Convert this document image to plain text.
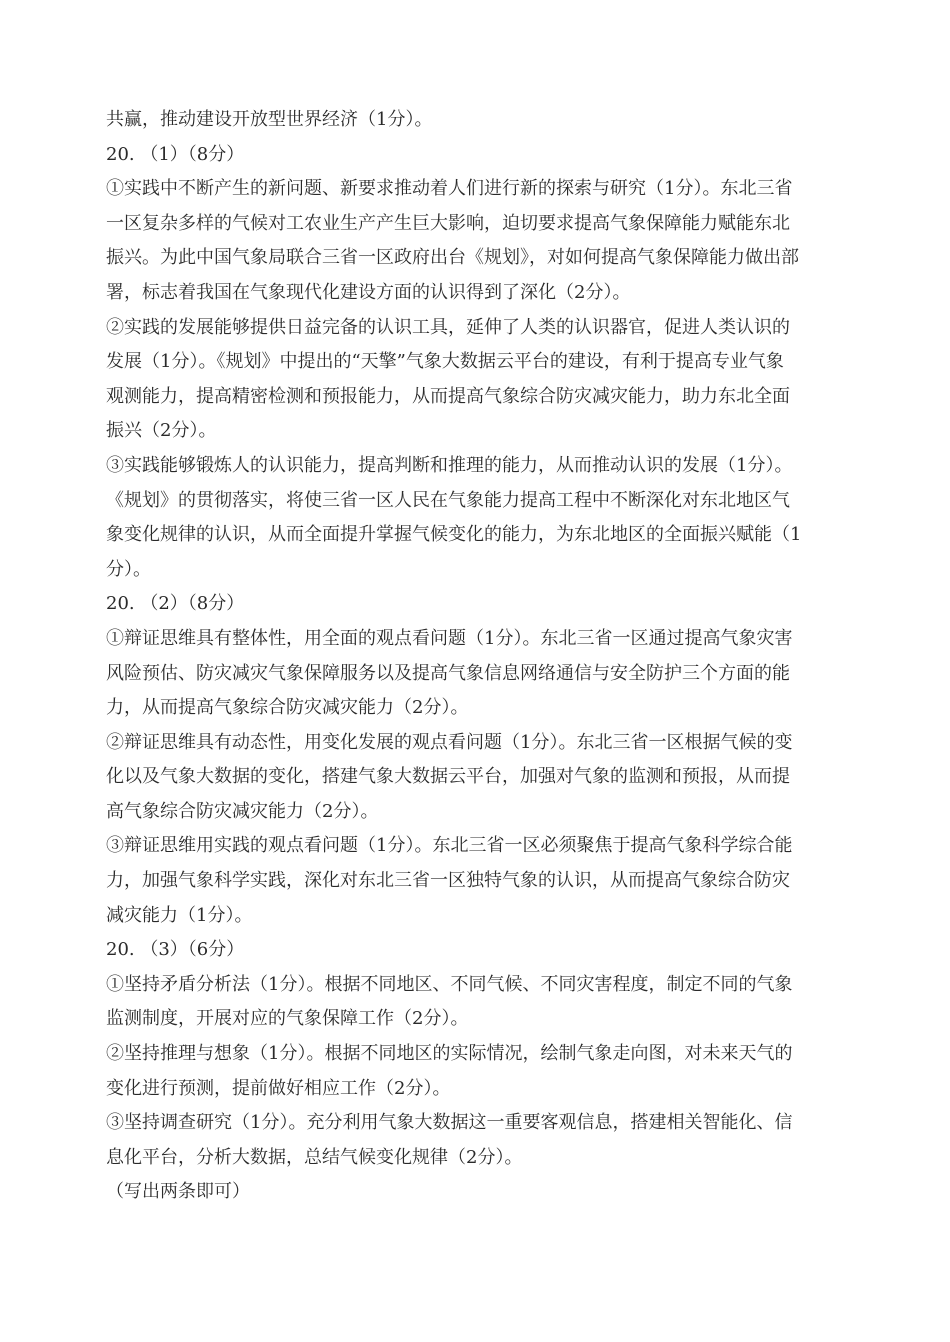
共赢，推动建设开放型世界经济（1分）。
20. （1）（8分）
①实践中不断产生的新问题、新要求推动着人们进行新的探索与研究（1分）。东北三省
一区复杂多样的气候对工农业生产产生巨大影响，迫切要求提高气象保障能力赋能东北
振兴。为此中国气象局联合三省一区政府出台《规划》，对如何提高气象保障能力做出部
署，标志着我国在气象现代化建设方面的认识得到了深化（2分）。
②实践的发展能够提供日益完备的认识工具，延伸了人类的认识器官，促进人类认识的
发展（1分）。《规划》中提出的“天擎”气象大数据云平台的建设，有利于提高专业气象
观测能力，提高精密检测和预报能力，从而提高气象综合防灾减灾能力，助力东北全面
振兴（2分）。
③实践能够锻炼人的认识能力，提高判断和推理的能力，从而推动认识的发展（1分）。
《规划》的贯彻落实，将使三省一区人民在气象能力提高工程中不断深化对东北地区气
象变化规律的认识，从而全面提升掌握气候变化的能力，为东北地区的全面振兴赋能（1
分）。
20. （2）（8分）
①辩证思维具有整体性，用全面的观点看问题（1分）。东北三省一区通过提高气象灾害
风险预估、防灾减灾气象保障服务以及提高气象信息网络通信与安全防护三个方面的能
力，从而提高气象综合防灾减灾能力（2分）。
②辩证思维具有动态性，用变化发展的观点看问题（1分）。东北三省一区根据气候的变
化以及气象大数据的变化，搭建气象大数据云平台，加强对气象的监测和预报，从而提
高气象综合防灾减灾能力（2分）。
③辩证思维用实践的观点看问题（1分）。东北三省一区必须聚焦于提高气象科学综合能
力，加强气象科学实践，深化对东北三省一区独特气象的认识，从而提高气象综合防灾
减灾能力（1分）。
20. （3）（6分）
①坚持矛盾分析法（1分）。根据不同地区、不同气候、不同灾害程度，制定不同的气象
监测制度，开展对应的气象保障工作（2分）。
②坚持推理与想象（1分）。根据不同地区的实际情况，绘制气象走向图，对未来天气的
变化进行预测，提前做好相应工作（2分）。
③坚持调查研究（1分）。充分利用气象大数据这一重要客观信息，搭建相关智能化、信
息化平台，分析大数据，总结气候变化规律（2分）。
（写出两条即可）
